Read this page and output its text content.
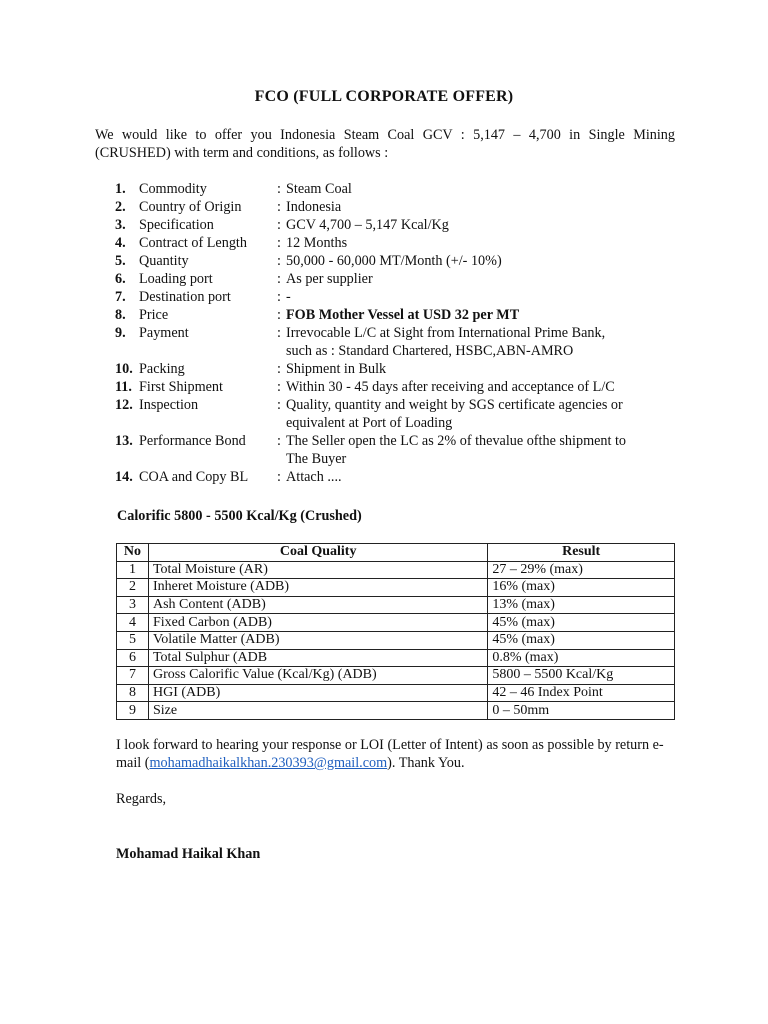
FCO (FULL CORPORATE OFFER)
We would like to offer you Indonesia Steam Coal GCV : 5,147 – 4,700 in Single Mining (CRUSHED) with term and conditions, as follows :
1. Commodity	: Steam Coal
2. Country of Origin	: Indonesia
3. Specification	: GCV 4,700 – 5,147 Kcal/Kg
4. Contract of Length	: 12 Months
5. Quantity	: 50,000 - 60,000 MT/Month (+/- 10%)
6. Loading port	: As per supplier
7. Destination port	: -
8. Price	: FOB Mother Vessel at USD 32 per MT
9. Payment	: Irrevocable L/C at Sight from International Prime Bank,
such as : Standard Chartered, HSBC,ABN-AMRO
10. Packing	: Shipment in Bulk
11. First Shipment	: Within 30 - 45 days after receiving and acceptance of L/C
12. Inspection	: Quality, quantity and weight by SGS certificate agencies or
equivalent at Port of Loading
13. Performance Bond	: The Seller open the LC as 2% of thevalue ofthe shipment to
The Buyer
14. COA and Copy BL	: Attach ....
Calorific 5800 - 5500 Kcal/Kg (Crushed)
No	Coal Quality	Result
1	Total Moisture (AR)	27 – 29% (max)
2	Inheret Moisture (ADB)	16% (max)
3	Ash Content (ADB)	13% (max)
4	Fixed Carbon (ADB)	45% (max)
5	Volatile Matter (ADB)	45% (max)
6	Total Sulphur (ADB	0.8% (max)
7	Gross Calorific Value (Kcal/Kg) (ADB)	5800 – 5500 Kcal/Kg
8	HGI (ADB)	42 – 46 Index Point
9	Size	0 – 50mm
I look forward to hearing your response or LOI (Letter of Intent) as soon as possible by return e-mail (mohamadhaikalkhan.230393@gmail.com). Thank You.
Regards,
Mohamad Haikal Khan
